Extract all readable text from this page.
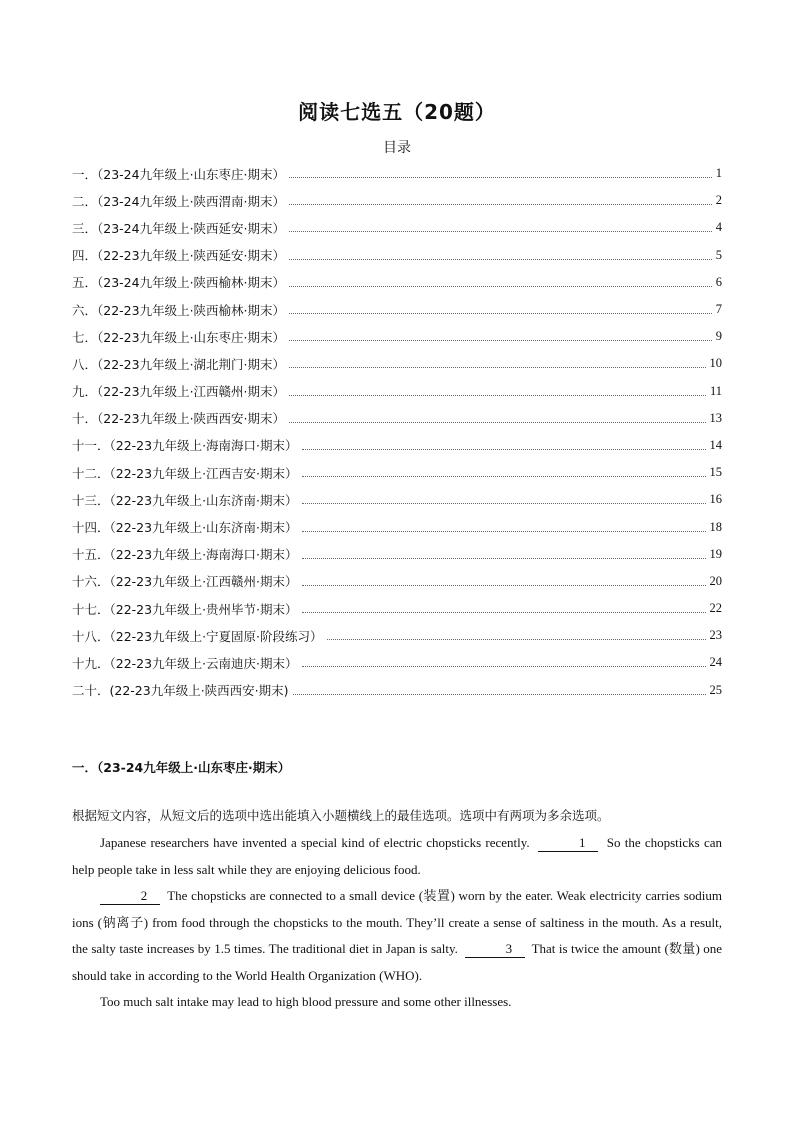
阅读七选五（20题）
目录
一．（23-24九年级上·山东枣庄·期末）	1
二．（23-24九年级上·陕西渭南·期末）	2
三．（23-24九年级上·陕西延安·期末）	4
四．（22-23九年级上·陕西延安·期末）	5
五．（23-24九年级上·陕西榆林·期末）	6
六．（22-23九年级上·陕西榆林·期末）	7
七．（22-23九年级上·山东枣庄·期末）	9
八．（22-23九年级上·湖北荆门·期末）	10
九．（22-23九年级上·江西赣州·期末）	11
十．（22-23九年级上·陕西西安·期末）	13
十一．（22-23九年级上·海南海口·期末）	14
十二．（22-23九年级上·江西吉安·期末）	15
十三．（22-23九年级上·山东济南·期末）	16
十四．（22-23九年级上·山东济南·期末）	18
十五．（22-23九年级上·海南海口·期末）	19
十六．（22-23九年级上·江西赣州·期末）	20
十七．（22-23九年级上·贵州毕节·期末）	22
十八．（22-23九年级上·宁夏固原·阶段练习）	23
十九．（22-23九年级上·云南迪庆·期末）	24
二十．(22-23九年级上·陕西西安·期末)	25
一．（23-24九年级上·山东枣庄·期末）
根据短文内容，从短文后的选项中选出能填入小题横线上的最佳选项。选项中有两项为多余选项。

Japanese researchers have invented a special kind of electric chopsticks recently.	1 So the chopsticks can help people take in less salt while they are enjoying delicious food.

2 The chopsticks are connected to a small device (装置) worn by the eater. Weak electricity carries sodium ions (钠离子) from food through the chopsticks to the mouth. They’ll create a sense of saltiness in the mouth. As a result, the salty taste increases by 1.5 times. The traditional diet in Japan is salty.	3 That is twice the amount (数量) one should take in according to the World Health Organization (WHO).

Too much salt intake may lead to high blood pressure and some other illnesses.
